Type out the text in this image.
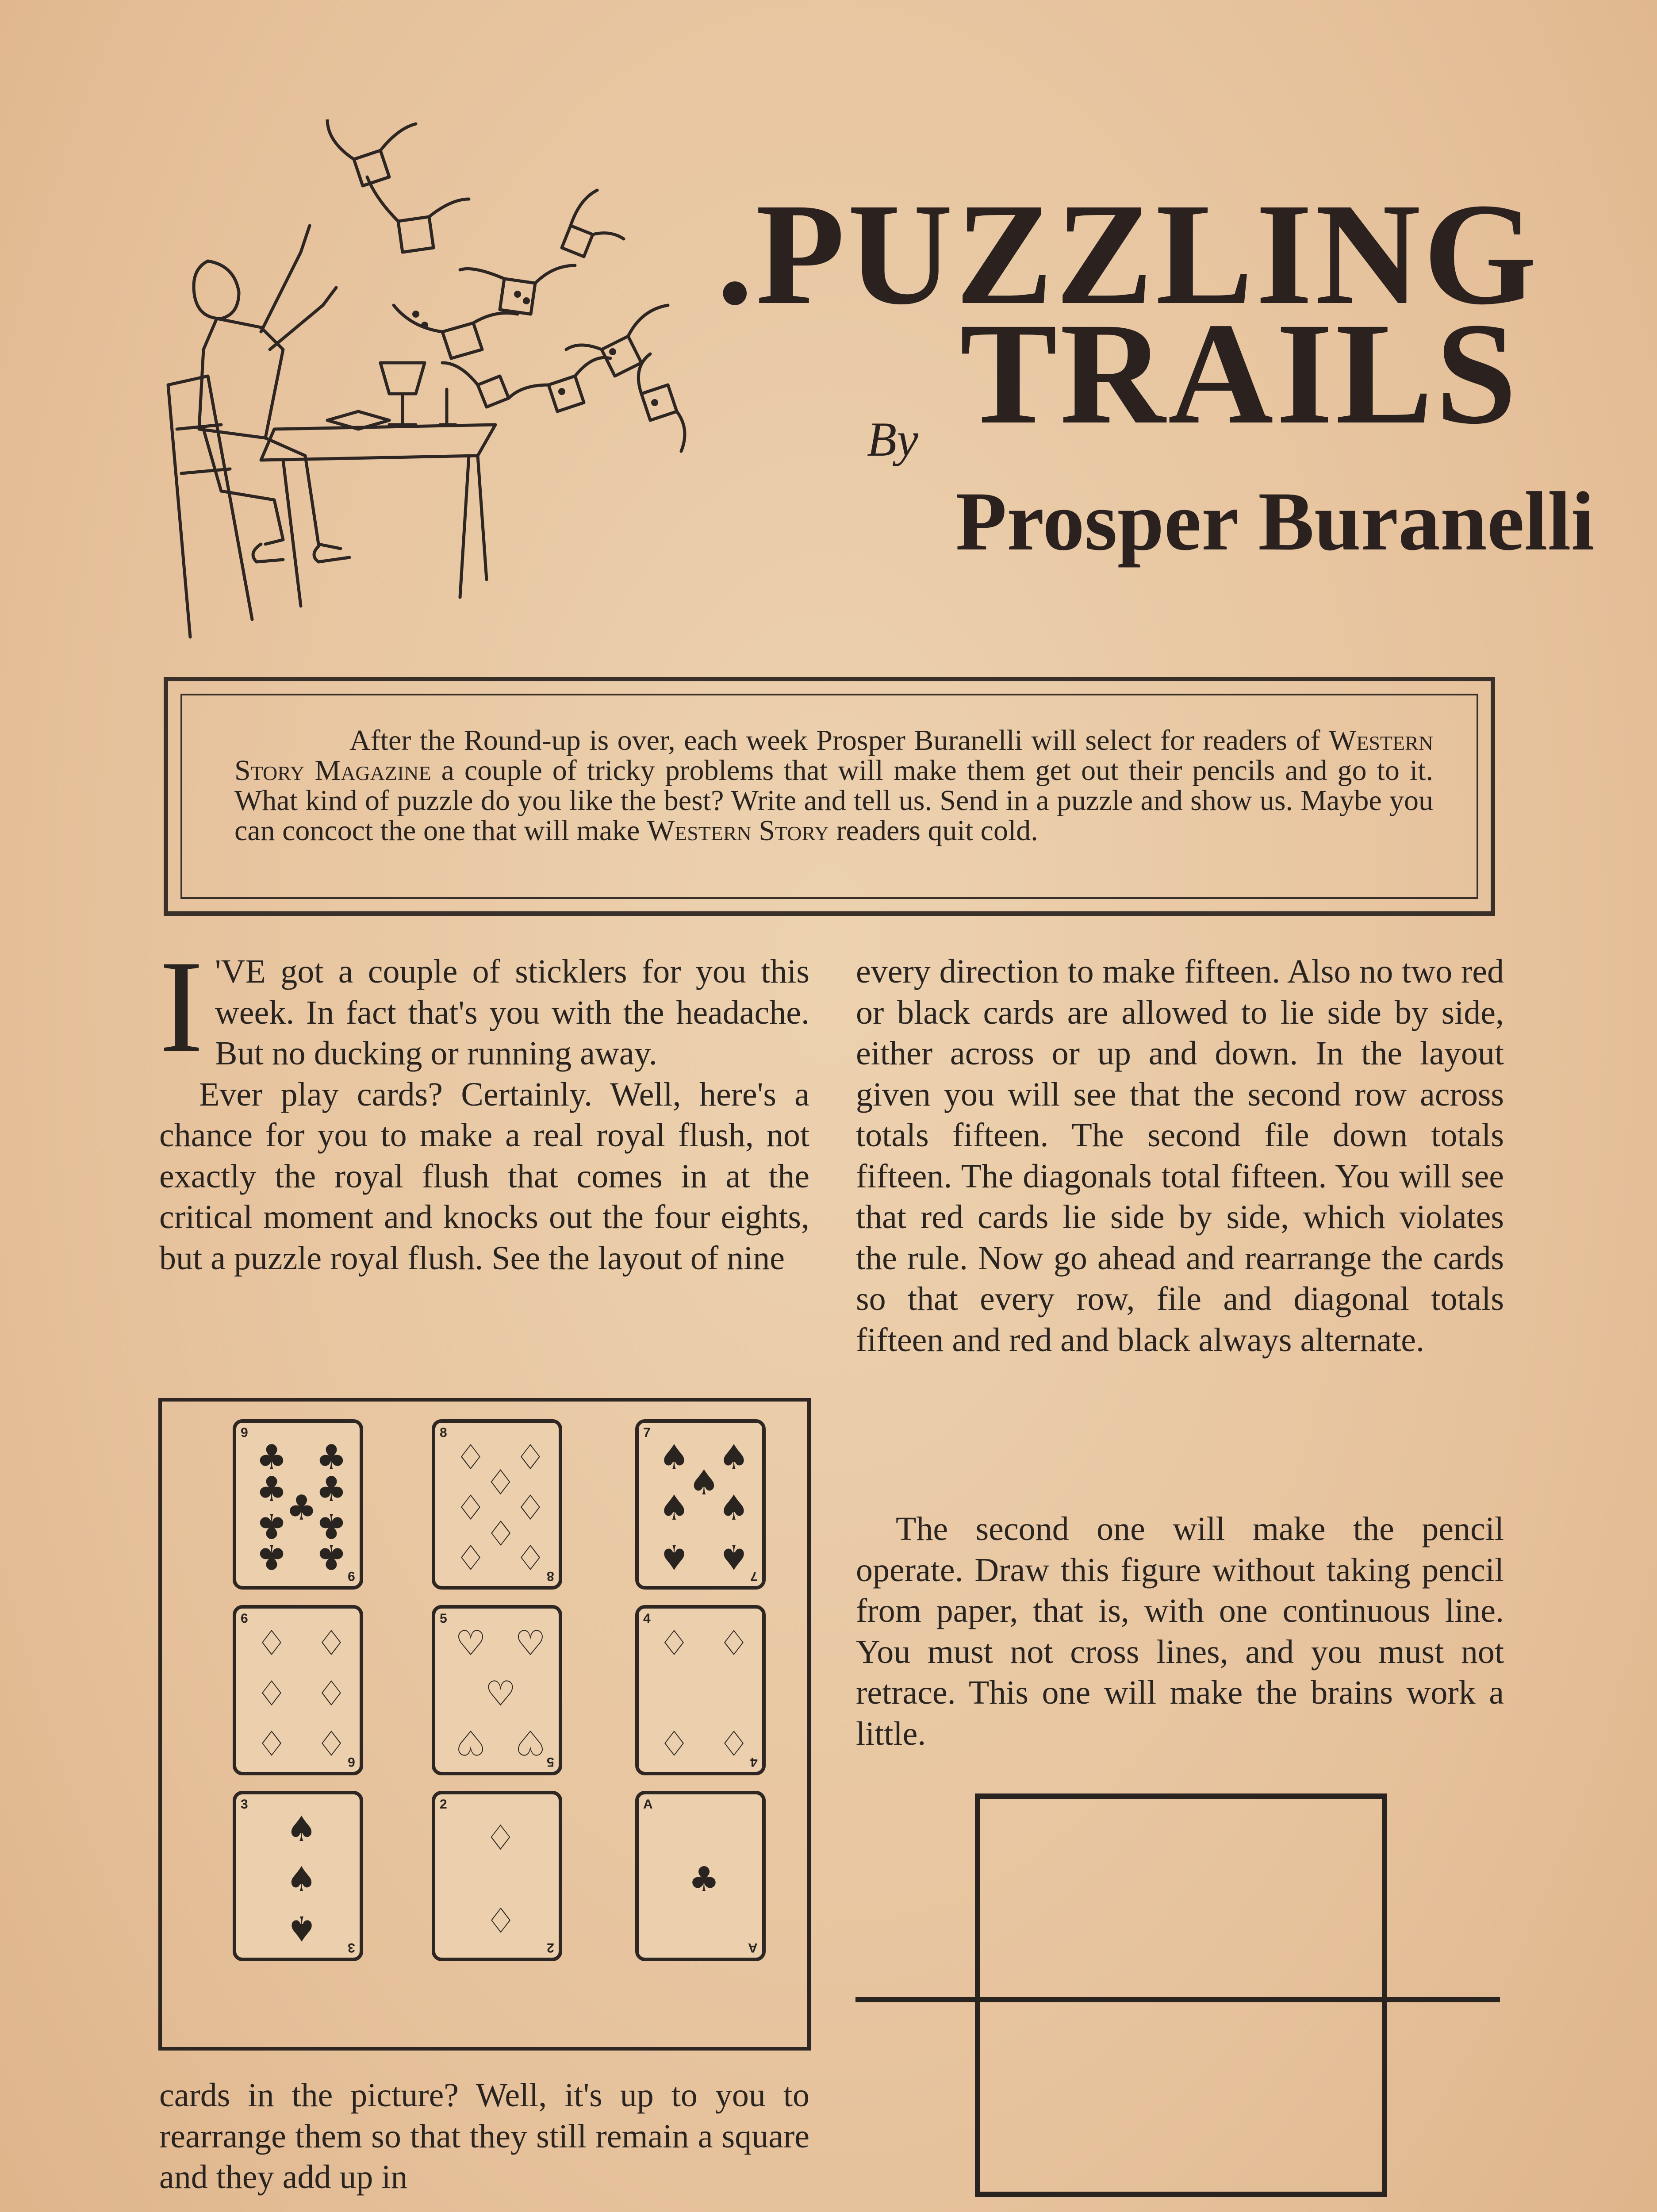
.PUZZLING
TRAILS
By
Prosper Buranelli
After the Round-up is over, each week Prosper Buranelli will select for readers of Western Story Magazine a couple of tricky problems that will make them get out their pencils and go to it. What kind of puzzle do you like the best? Write and tell us. Send in a puzzle and show us. Maybe you can concoct the one that will make Western Story readers quit cold.

I 'VE got a couple of sticklers for you this week. In fact that's you with the headache. But no ducking or running away.

Ever play cards? Certainly. Well, here's a chance for you to make a real royal flush, not exactly the royal flush that comes in at the critical moment and knocks out the four eights, but a puzzle royal flush. See the layout of nine

9
9
♣ ♣
♣ ♣
♣
♣ ♣
♣ ♣
8
8
♢ ♢
♢
♢ ♢
♢
♢ ♢
7
7
♠ ♠
♠
♠ ♠
♠ ♠
6
6
♢ ♢
♢ ♢
♢ ♢
5
5
♡ ♡
♡
♡ ♡
4
4
♢ ♢
♢ ♢
3
3
♠
♠
♠
2
2
♢
♢
A
A
♣

cards in the picture? Well, it's up to you to rearrange them so that they still remain a square and they add up in

every direction to make fifteen. Also no two red or black cards are allowed to lie side by side, either across or up and down. In the layout given you will see that the second row across totals fifteen. The second file down totals fifteen. The diagonals total fifteen. You will see that red cards lie side by side, which violates the rule. Now go ahead and rearrange the cards so that every row, file and diagonal totals fifteen and red and black always alternate.

The second one will make the pencil operate. Draw this figure without taking pencil from paper, that is, with one continuous line. You must not cross lines, and you must not retrace. This one will make the brains work a little.
